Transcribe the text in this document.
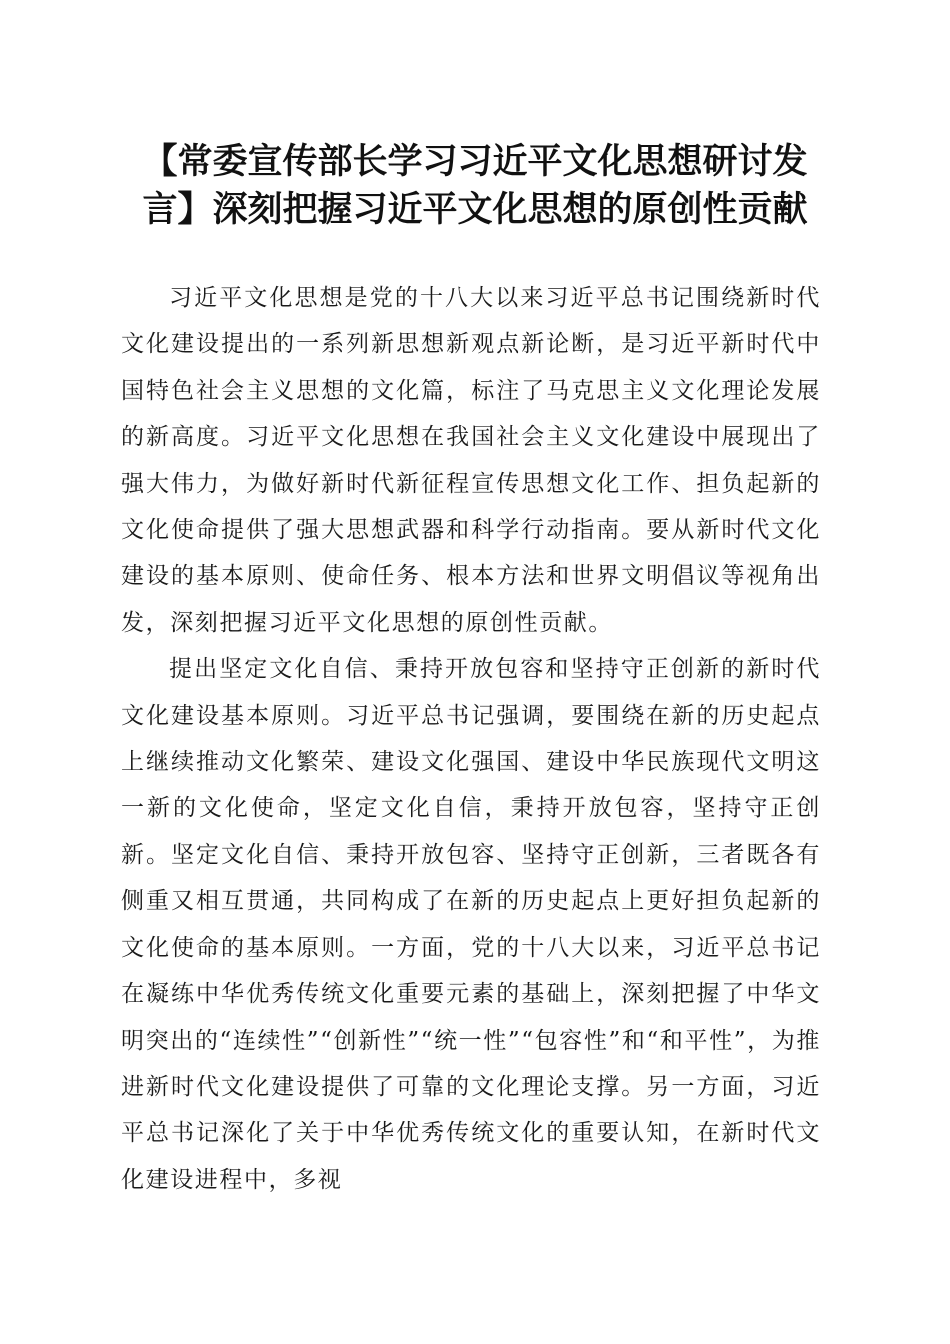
【常委宣传部长学习习近平文化思想研讨发言】深刻把握习近平文化思想的原创性贡献

习近平文化思想是党的十八大以来习近平总书记围绕新时代文化建设提出的一系列新思想新观点新论断，是习近平新时代中国特色社会主义思想的文化篇，标注了马克思主义文化理论发展的新高度。习近平文化思想在我国社会主义文化建设中展现出了强大伟力，为做好新时代新征程宣传思想文化工作、担负起新的文化使命提供了强大思想武器和科学行动指南。要从新时代文化建设的基本原则、使命任务、根本方法和世界文明倡议等视角出发，深刻把握习近平文化思想的原创性贡献。

提出坚定文化自信、秉持开放包容和坚持守正创新的新时代文化建设基本原则。习近平总书记强调，要围绕在新的历史起点上继续推动文化繁荣、建设文化强国、建设中华民族现代文明这一新的文化使命，坚定文化自信，秉持开放包容，坚持守正创新。坚定文化自信、秉持开放包容、坚持守正创新，三者既各有侧重又相互贯通，共同构成了在新的历史起点上更好担负起新的文化使命的基本原则。一方面，党的十八大以来，习近平总书记在凝练中华优秀传统文化重要元素的基础上，深刻把握了中华文明突出的“连续性”“创新性”“统一性”“包容性”和“和平性”，为推进新时代文化建设提供了可靠的文化理论支撑。另一方面，习近平总书记深化了关于中华优秀传统文化的重要认知，在新时代文化建设进程中，多视
